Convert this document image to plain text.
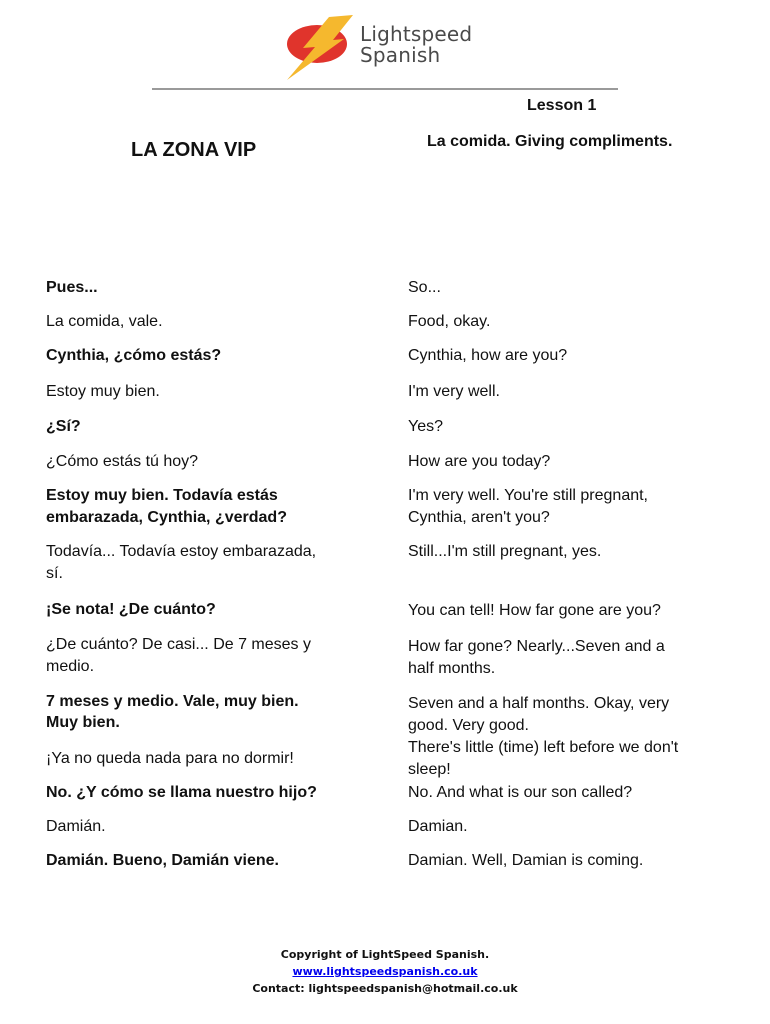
Lightspeed
Spanish
Lesson 1
LA ZONA VIP	La comida. Giving compliments.
Pues...
La comida, vale.
Cynthia, ¿cómo estás?
Estoy muy bien.
¿Sí?
¿Cómo estás tú hoy?
Estoy muy bien. Todavía estás
embarazada, Cynthia, ¿verdad?
Todavía... Todavía estoy embarazada,
sí.
¡Se nota! ¿De cuánto?
¿De cuánto? De casi... De 7 meses y
medio.
7 meses y medio. Vale, muy bien.
Muy bien.
¡Ya no queda nada para no dormir!
No. ¿Y cómo se llama nuestro hijo?
Damián.
Damián. Bueno, Damián viene.
So...
Food, okay.
Cynthia, how are you?
I'm very well.
Yes?
How are you today?
I'm very well. You're still pregnant,
Cynthia, aren't you?
Still...I'm still pregnant, yes.
You can tell! How far gone are you?
How far gone? Nearly...Seven and a
half months.
Seven and a half months. Okay, very
good. Very good.
There's little (time) left before we don't
sleep!
No. And what is our son called?
Damian.
Damian. Well, Damian is coming.
Copyright of LightSpeed Spanish.
www.lightspeedspanish.co.uk
Contact: lightspeedspanish@hotmail.co.uk
